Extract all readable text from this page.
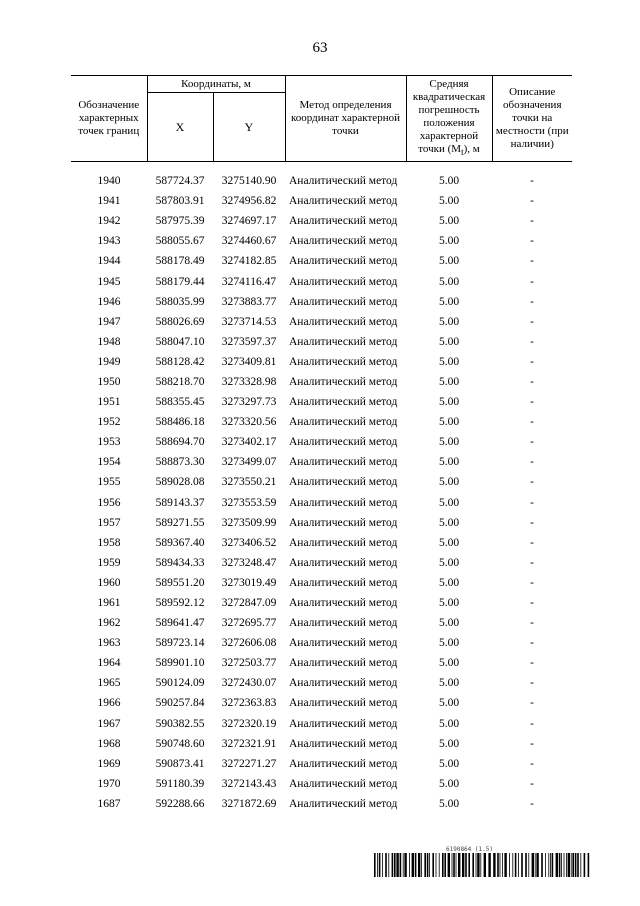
63
Обозначение характерных точек границ	Координаты, м		Метод определения координат характерной точки	Средняя квадратическая погрешность положения характерной точки $(M_t)$, м	Описание обозначения точки на местности (при наличии)
	X	Y			
1940	587724.37	3275140.90	Аналитический метод	5.00	-
1941	587803.91	3274956.82	Аналитический метод	5.00	-
1942	587975.39	3274697.17	Аналитический метод	5.00	-
1943	588055.67	3274460.67	Аналитический метод	5.00	-
1944	588178.49	3274182.85	Аналитический метод	5.00	-
1945	588179.44	3274116.47	Аналитический метод	5.00	-
1946	588035.99	3273883.77	Аналитический метод	5.00	-
1947	588026.69	3273714.53	Аналитический метод	5.00	-
1948	588047.10	3273597.37	Аналитический метод	5.00	-
1949	588128.42	3273409.81	Аналитический метод	5.00	-
1950	588218.70	3273328.98	Аналитический метод	5.00	-
1951	588355.45	3273297.73	Аналитический метод	5.00	-
1952	588486.18	3273320.56	Аналитический метод	5.00	-
1953	588694.70	3273402.17	Аналитический метод	5.00	-
1954	588873.30	3273499.07	Аналитический метод	5.00	-
1955	589028.08	3273550.21	Аналитический метод	5.00	-
1956	589143.37	3273553.59	Аналитический метод	5.00	-
1957	589271.55	3273509.99	Аналитический метод	5.00	-
1958	589367.40	3273406.52	Аналитический метод	5.00	-
1959	589434.33	3273248.47	Аналитический метод	5.00	-
1960	589551.20	3273019.49	Аналитический метод	5.00	-
1961	589592.12	3272847.09	Аналитический метод	5.00	-
1962	589641.47	3272695.77	Аналитический метод	5.00	-
1963	589723.14	3272606.08	Аналитический метод	5.00	-
1964	589901.10	3272503.77	Аналитический метод	5.00	-
1965	590124.09	3272430.07	Аналитический метод	5.00	-
1966	590257.84	3272363.83	Аналитический метод	5.00	-
1967	590382.55	3272320.19	Аналитический метод	5.00	-
1968	590748.60	3272321.91	Аналитический метод	5.00	-
1969	590873.41	3272271.27	Аналитический метод	5.00	-
1970	591180.39	3272143.43	Аналитический метод	5.00	-
1687	592288.66	3271872.69	Аналитический метод	5.00	-
6190864 (1.5)
